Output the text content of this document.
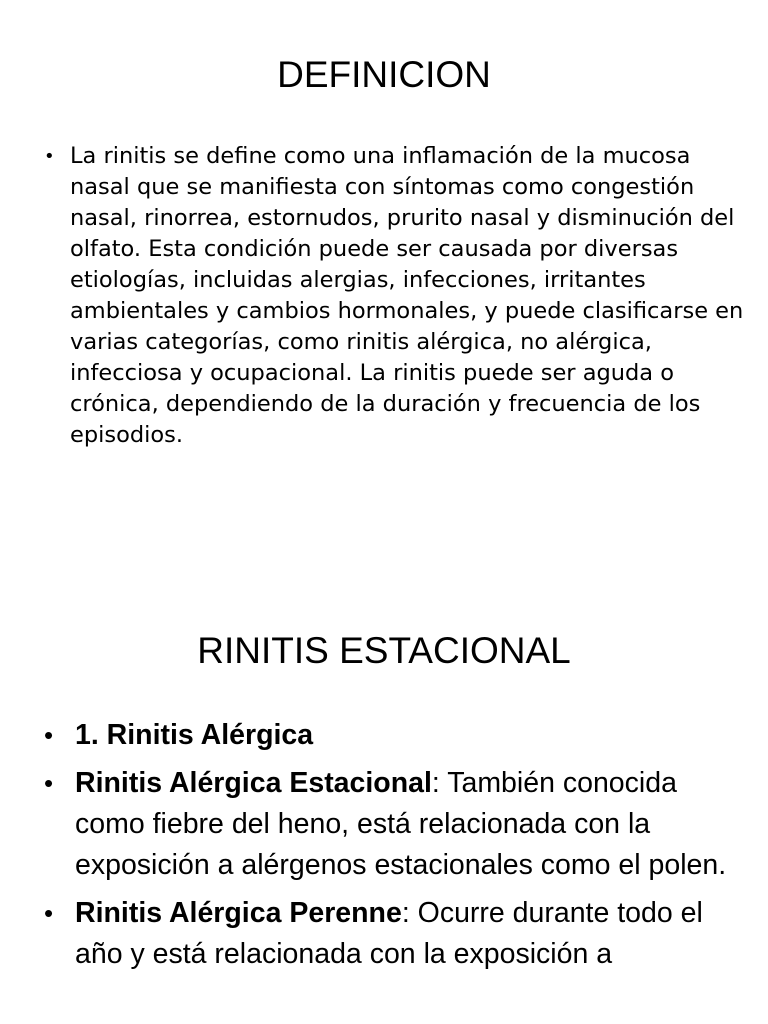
DEFINICION
• La rinitis se define como una inflamación de la mucosa nasal que se manifiesta con síntomas como congestión nasal, rinorrea, estornudos, prurito nasal y disminución del olfato. Esta condición puede ser causada por diversas etiologías, incluidas alergias, infecciones, irritantes ambientales y cambios hormonales, y puede clasificarse en varias categorías, como rinitis alérgica, no alérgica, infecciosa y ocupacional. La rinitis puede ser aguda o crónica, dependiendo de la duración y frecuencia de los episodios.
RINITIS ESTACIONAL
• 1. Rinitis Alérgica
• Rinitis Alérgica Estacional: También conocida como fiebre del heno, está relacionada con la exposición a alérgenos estacionales como el polen.
• Rinitis Alérgica Perenne: Ocurre durante todo el año y está relacionada con la exposición a
